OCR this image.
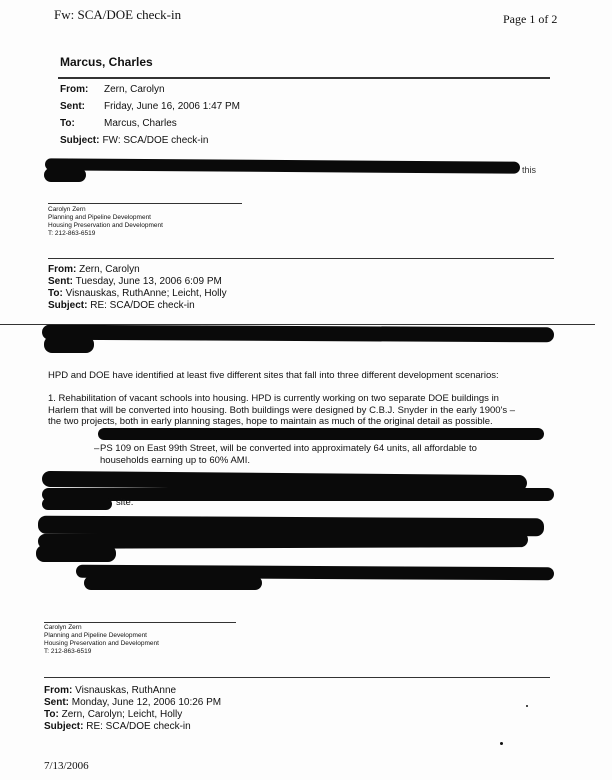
Fw: SCA/DOE check-in	Page 1 of 2
Marcus, Charles
From:	Zern, Carolyn
Sent:	Friday, June 16, 2006 1:47 PM
To:	Marcus, Charles
Subject: FW: SCA/DOE check-in
this
Carolyn Zern
Planning and Pipeline Development
Housing Preservation and Development
T: 212-863-6519
From: Zern, Carolyn
Sent: Tuesday, June 13, 2006 6:09 PM
To: Visnauskas, RuthAnne; Leicht, Holly
Subject: RE: SCA/DOE check-in
HPD and DOE have identified at least five different sites that fall into three different development scenarios:
1. Rehabilitation of vacant schools into housing. HPD is currently working on two separate DOE buildings in
Harlem that will be converted into housing. Both buildings were designed by C.B.J. Snyder in the early 1900's –
the two projects, both in early planning stages, hope to maintain as much of the original detail as possible.
– PS 109 on East 99th Street, will be converted into approximately 64 units, all affordable to
households earning up to 60% AMI.
site.
Carolyn Zern
Planning and Pipeline Development
Housing Preservation and Development
T: 212-863-6519
From: Visnauskas, RuthAnne
Sent: Monday, June 12, 2006 10:26 PM
To: Zern, Carolyn; Leicht, Holly
Subject: RE: SCA/DOE check-in
7/13/2006
